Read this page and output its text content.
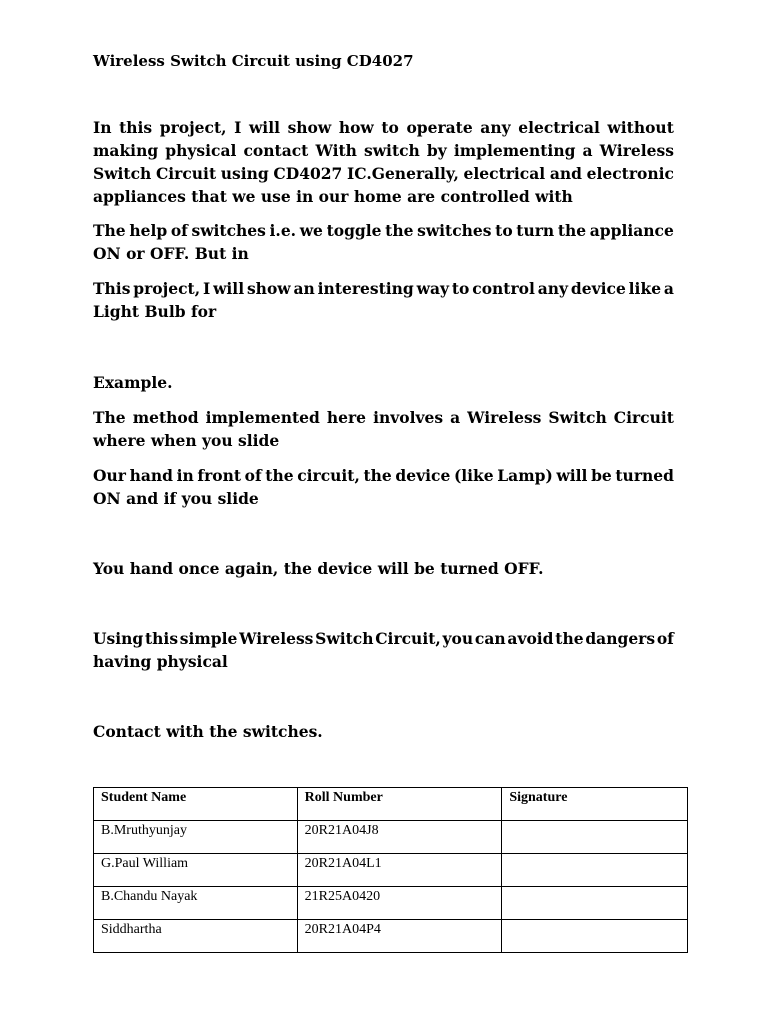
Wireless Switch Circuit using CD4027

In this project, I will show how to operate any electrical without
making physical contact With switch by implementing a Wireless
Switch Circuit using CD4027 IC.Generally, electrical and electronic
appliances that we use in our home are controlled with

The help of switches i.e. we toggle the switches to turn the appliance
ON or OFF. But in

This project, I will show an interesting way to control any device like a
Light Bulb for

Example.

The method implemented here involves a Wireless Switch Circuit
where when you slide

Our hand in front of the circuit, the device (like Lamp) will be turned
ON and if you slide

You hand once again, the device will be turned OFF.

Using this simple Wireless Switch Circuit, you can avoid the dangers of
having physical

Contact with the switches.

Student Name	Roll Number	Signature
B.Mruthyunjay	20R21A04J8	
G.Paul William	20R21A04L1	
B.Chandu Nayak	21R25A0420	
Siddhartha	20R21A04P4	
